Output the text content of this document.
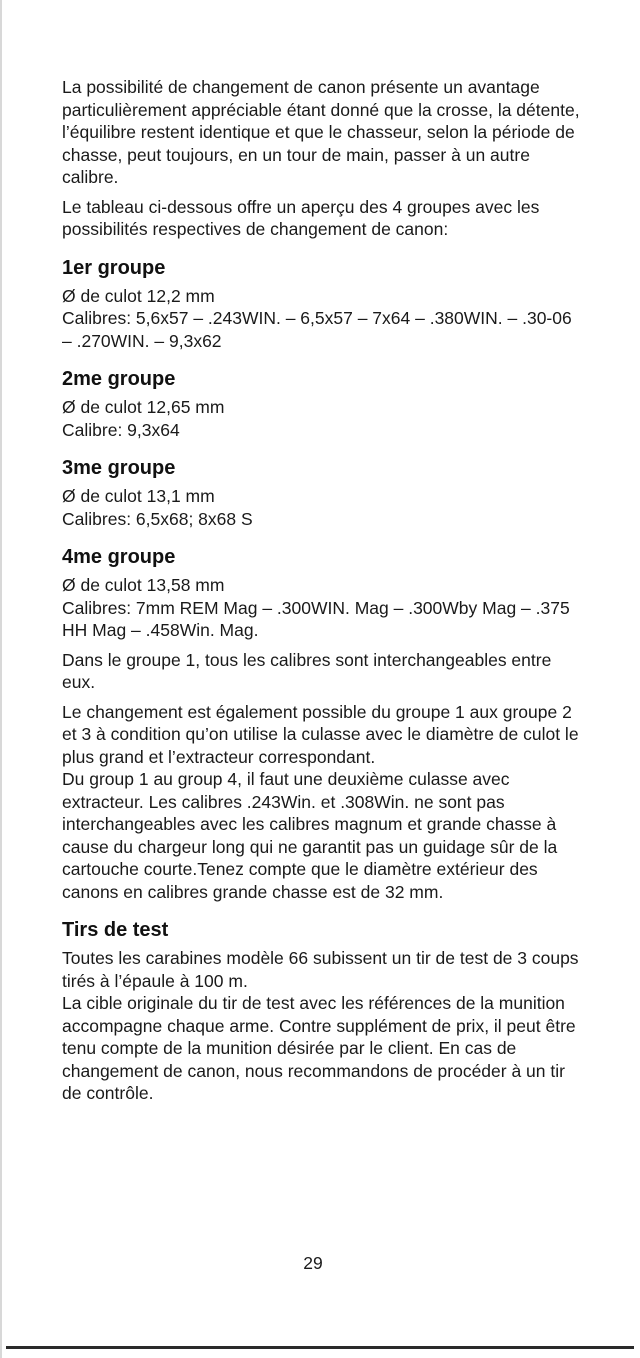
La possibilité de changement de canon présente un avantage particulièrement appréciable étant donné que la crosse, la détente, l’équilibre restent identique et que le chasseur, selon la période de chasse, peut toujours, en un tour de main, passer à un autre calibre.

Le tableau ci-dessous offre un aperçu des 4 groupes avec les possibilités respectives de changement de canon:

1er groupe

Ø de culot 12,2 mm

Calibres: 5,6x57 – .243WIN. – 6,5x57 – 7x64 – .380WIN. – .30-06 – .270WIN. – 9,3x62

2me groupe

Ø de culot 12,65 mm

Calibre: 9,3x64

3me groupe

Ø de culot 13,1 mm

Calibres: 6,5x68; 8x68 S

4me groupe

Ø de culot 13,58 mm

Calibres: 7mm REM Mag – .300WIN. Mag – .300Wby Mag – .375 HH Mag – .458Win. Mag.

Dans le groupe 1, tous les calibres sont interchangeables entre eux.

Le changement est également possible du groupe 1 aux groupe 2 et 3 à condition qu’on utilise la culasse avec le diamètre de culot le plus grand et l’extracteur correspondant.

Du group 1 au group 4, il faut une deuxième culasse avec extracteur. Les calibres .243Win. et .308Win. ne sont pas interchangeables avec les calibres magnum et grande chasse à cause du chargeur long qui ne garantit pas un guidage sûr de la cartouche courte.Tenez compte que le diamètre extérieur des canons en calibres grande chasse est de 32 mm.

Tirs de test

Toutes les carabines modèle 66 subissent un tir de test de 3 coups tirés à l’épaule à 100 m.

La cible originale du tir de test avec les références de la munition accompagne chaque arme. Contre supplément de prix, il peut être tenu compte de la munition désirée par le client. En cas de changement de canon, nous recommandons de procéder à un tir de contrôle.

29
